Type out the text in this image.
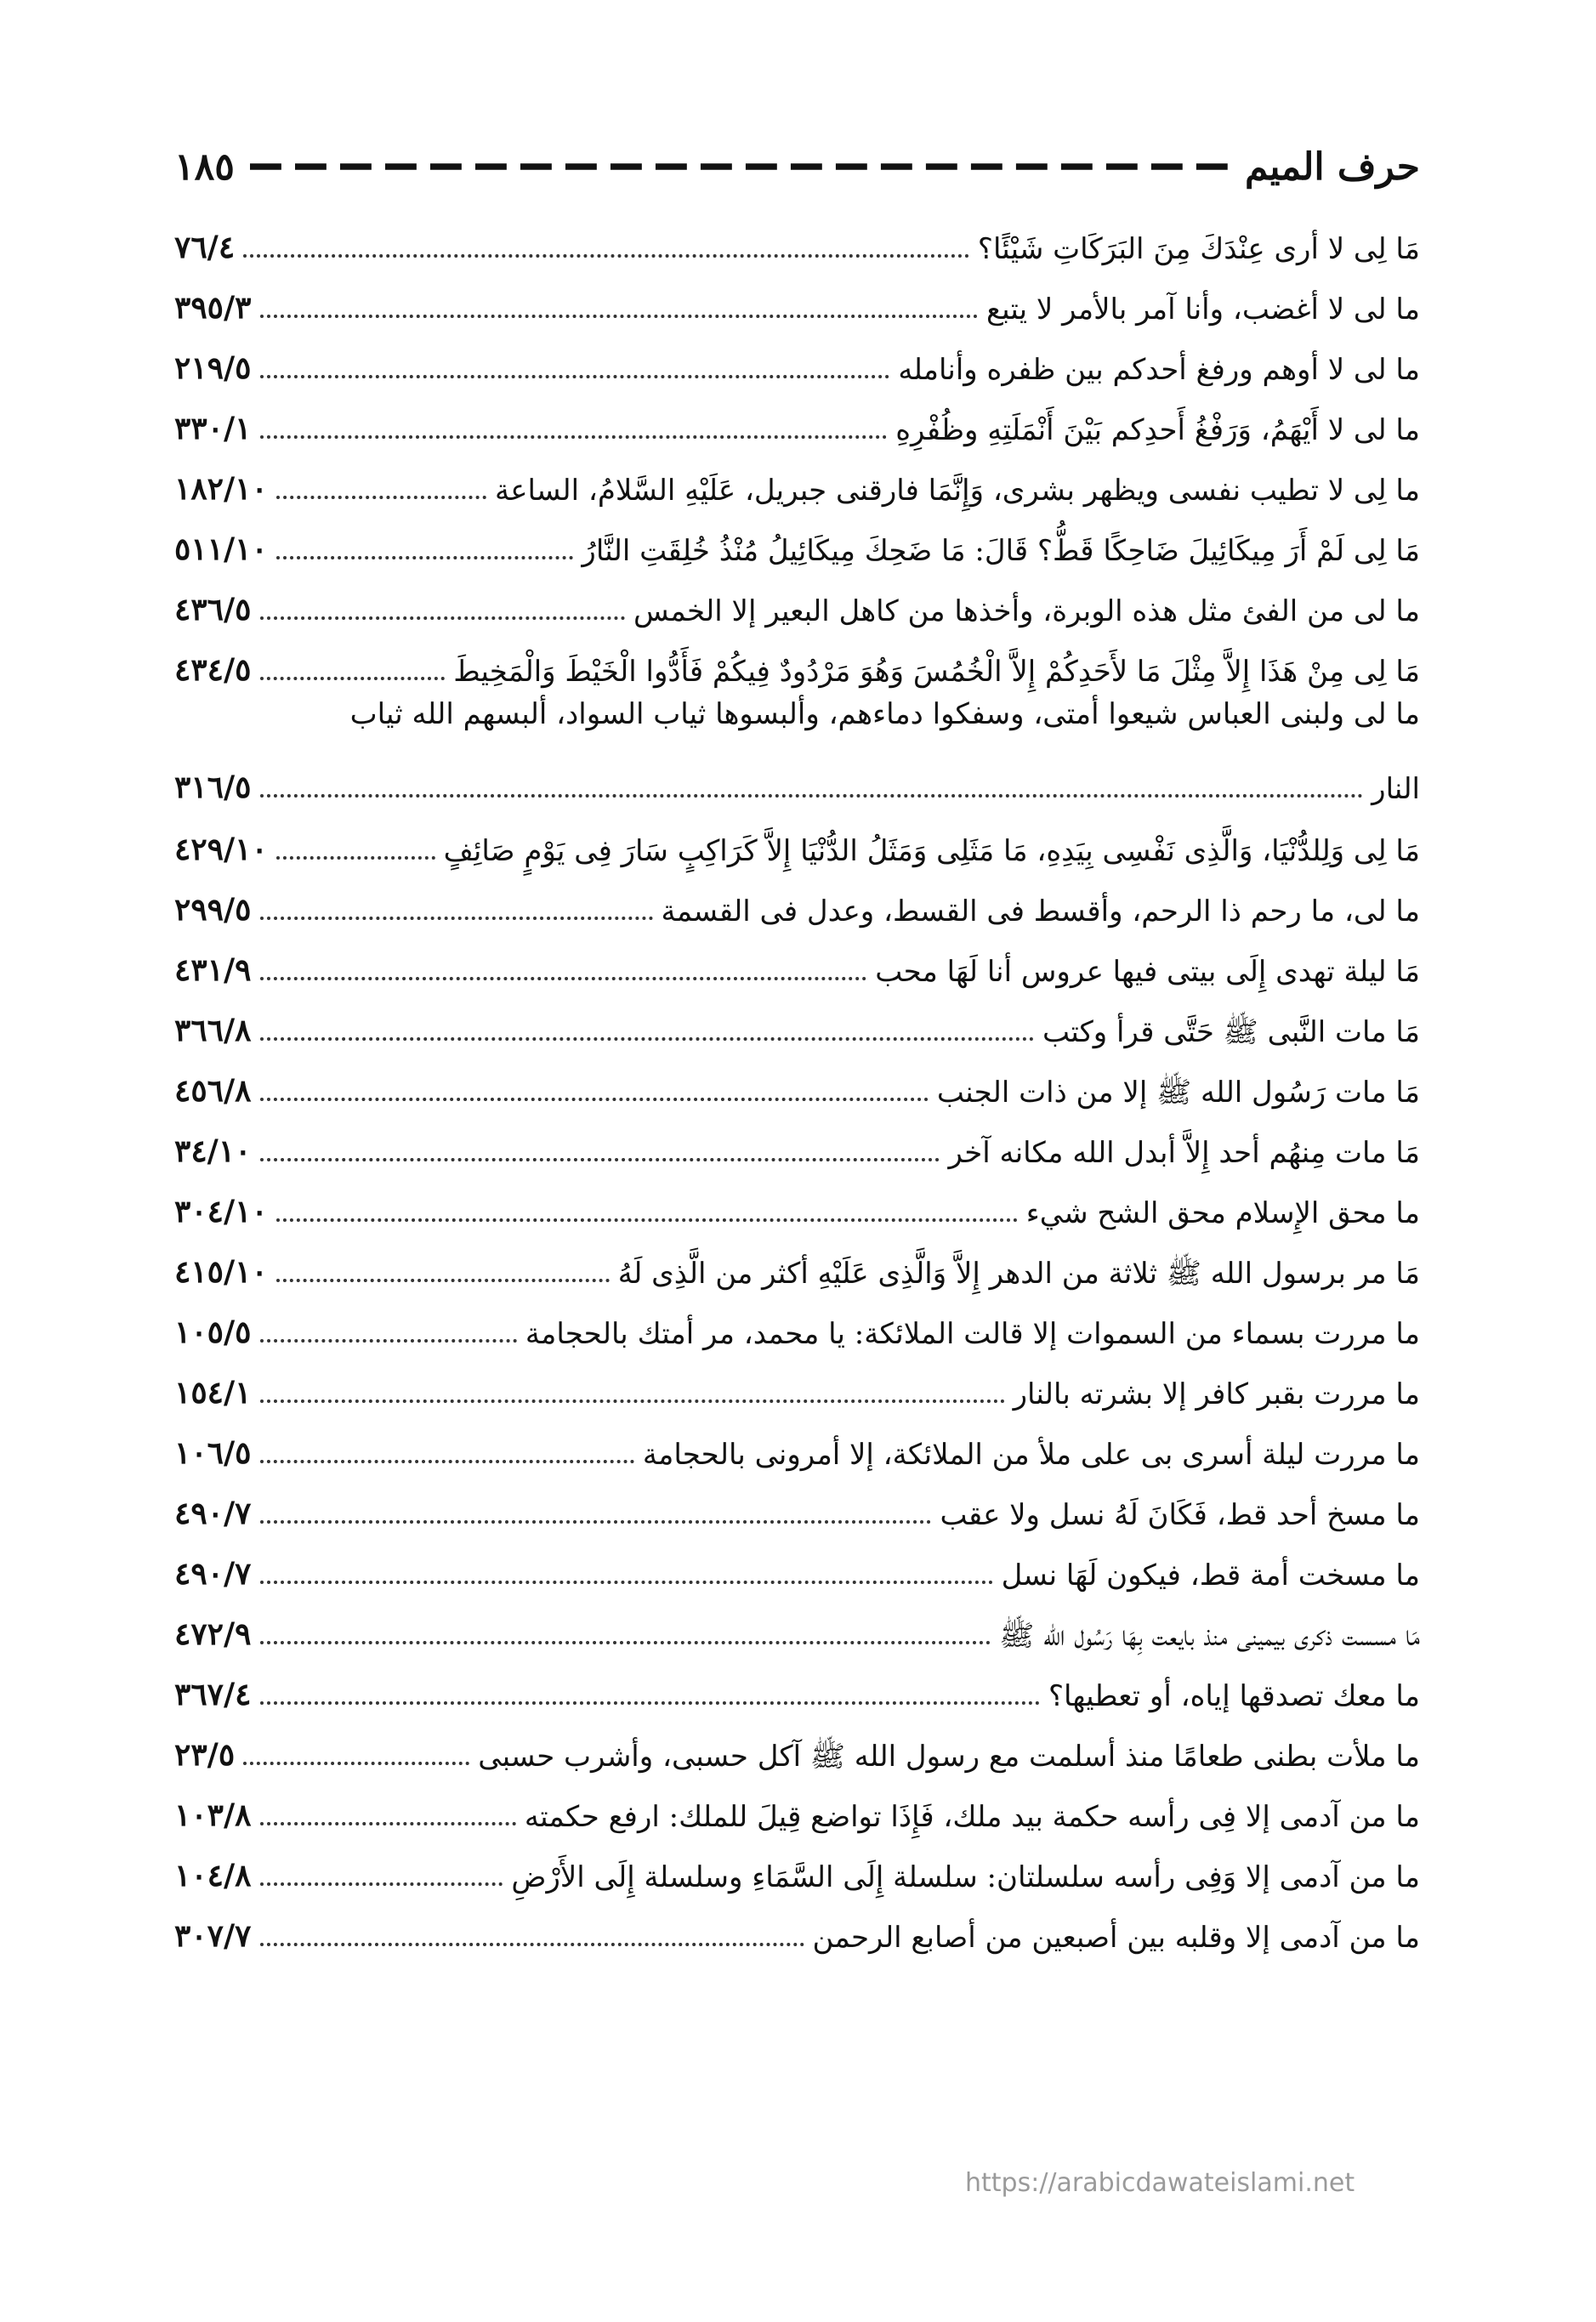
حرف الميم
١٨٥
مَا لِى لا أرى عِنْدَكَ مِنَ البَرَكَاتِ شَيْئًا؟
٧٦/٤
ما لى لا أغضب، وأنا آمر بالأمر لا يتبع
٣٩٥/٣
ما لى لا أوهم ورفغ أحدكم بين ظفره وأنامله
٢١٩/٥
ما لى لا أَيْهَمُ، وَرَفْغُ أَحدِكم بَيْنَ أَنْمَلَتِهِ وظُفْرِهِ
٣٣٠/١
ما لِى لا تطيب نفسى ويظهر بشرى، وَإِنَّمَا فارقنى جبريل، عَلَيْهِ السَّلامُ، الساعة
١٨٢/١٠
مَا لِى لَمْ أَرَ مِيكَائِيلَ ضَاحِكًا قَطُّ؟ قَالَ: مَا ضَحِكَ مِيكَائِيلُ مُنْذُ خُلِقَتِ النَّارُ
٥١١/١٠
ما لى من الفئ مثل هذه الوبرة، وأخذها من كاهل البعير إلا الخمس
٤٣٦/٥
مَا لِى مِنْ هَذَا إِلاَّ مِثْلَ مَا لأَحَدِكُمْ إِلاَّ الْخُمُسَ وَهُوَ مَرْدُودٌ فِيكُمْ فَأَدُّوا الْخَيْطَ وَالْمَخِيطَ
٤٣٤/٥
ما لى ولبنى العباس شيعوا أمتى، وسفكوا دماءهم، وألبسوها ثياب السواد، ألبسهم الله ثياب
النار
٣١٦/٥
مَا لِى وَلِلدُّنْيَا، وَالَّذِى نَفْسِى بِيَدِهِ، مَا مَثَلِى وَمَثَلُ الدُّنْيَا إِلاَّ كَرَاكِبٍ سَارَ فِى يَوْمٍ صَائِفٍ
٤٢٩/١٠
ما لى، ما رحم ذا الرحم، وأقسط فى القسط، وعدل فى القسمة
٢٩٩/٥
مَا ليلة تهدى إِلَى بيتى فيها عروس أنا لَهَا محب
٤٣١/٩
مَا مات النَّبى ﷺ حَتَّى قرأ وكتب
٣٦٦/٨
مَا مات رَسُول الله ﷺ إلا من ذات الجنب
٤٥٦/٨
مَا مات مِنهُم أحد إِلاَّ أبدل الله مكانه آخر
٣٤/١٠
ما محق الإِسلام محق الشح شيء
٣٠٤/١٠
مَا مر برسول الله ﷺ ثلاثة من الدهر إِلاَّ وَالَّذِى عَلَيْهِ أكثر من الَّذِى لَهُ
٤١٥/١٠
ما مررت بسماء من السموات إلا قالت الملائكة: يا محمد، مر أمتك بالحجامة
١٠٥/٥
ما مررت بقبر كافر إلا بشرته بالنار
١٥٤/١
ما مررت ليلة أسرى بى على ملأ من الملائكة، إلا أمرونى بالحجامة
١٠٦/٥
ما مسخ أحد قط، فَكَانَ لَهُ نسل ولا عقب
٤٩٠/٧
ما مسخت أمة قط، فيكون لَهَا نسل
٤٩٠/٧
مَا مسست ذكرى بيمينى منذ بايعت بِهَا رَسُول الله ﷺ
٤٧٢/٩
ما معك تصدقها إياه، أو تعطيها؟
٣٦٧/٤
ما ملأت بطنى طعامًا منذ أسلمت مع رسول الله ﷺ آكل حسبى، وأشرب حسبى
٢٣/٥
ما من آدمى إلا فِى رأسه حكمة بيد ملك، فَإِذَا تواضع قِيلَ للملك: ارفع حكمته
١٠٣/٨
ما من آدمى إلا وَفِى رأسه سلسلتان: سلسلة إِلَى السَّمَاءِ وسلسلة إِلَى الأَرْضِ
١٠٤/٨
ما من آدمى إلا وقلبه بين أصبعين من أصابع الرحمن
٣٠٧/٧
https://arabicdawateislami.net
